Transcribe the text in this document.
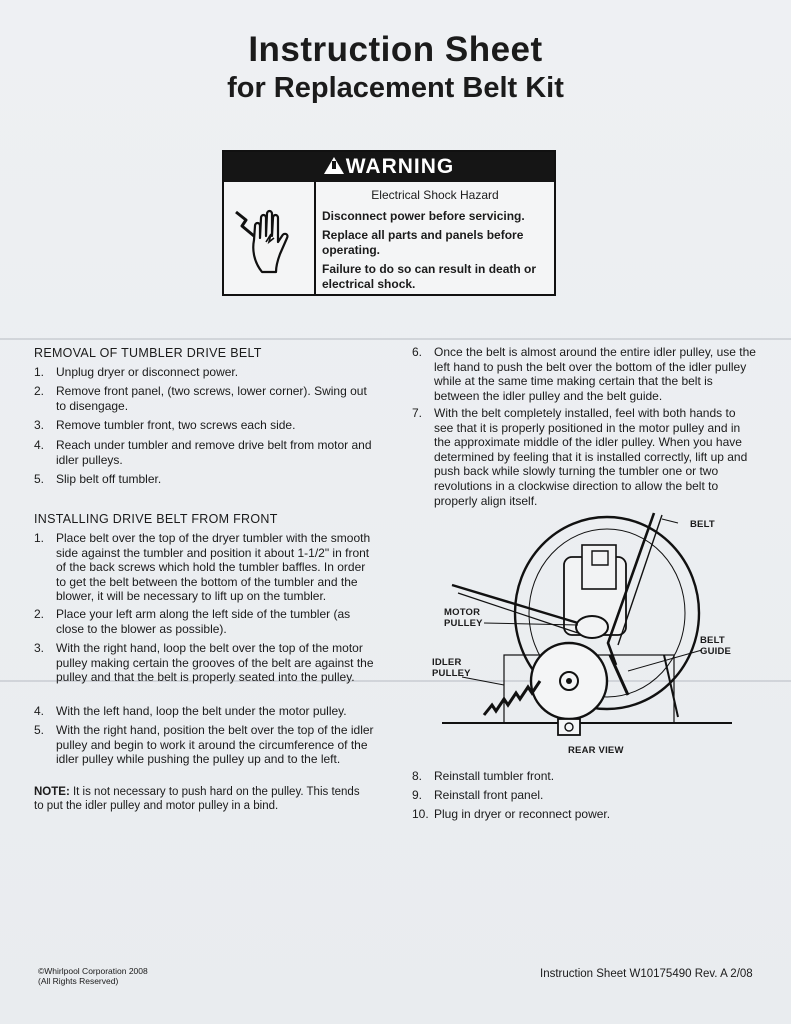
Instruction Sheet
for Replacement Belt Kit
WARNING
Electrical Shock Hazard
Disconnect power before servicing.
Replace all parts and panels before operating.
Failure to do so can result in death or electrical shock.
REMOVAL OF TUMBLER DRIVE BELT
1. Unplug dryer or disconnect power.
2. Remove front panel, (two screws, lower corner). Swing out to disengage.
3. Remove tumbler front, two screws each side.
4. Reach under tumbler and remove drive belt from motor and idler pulleys.
5. Slip belt off tumbler.
INSTALLING DRIVE BELT FROM FRONT
1. Place belt over the top of the dryer tumbler with the smooth side against the tumbler and position it about 1-1/2" in front of the back screws which hold the tumbler baffles. In order to get the belt between the bottom of the tumbler and the blower, it will be necessary to lift up on the tumbler.
2. Place your left arm along the left side of the tumbler (as close to the blower as possible).
3. With the right hand, loop the belt over the top of the motor pulley making certain the grooves of the belt are against the pulley and that the belt is properly seated into the pulley.
4. With the left hand, loop the belt under the motor pulley.
5. With the right hand, position the belt over the top of the idler pulley and begin to work it around the circumference of the idler pulley while pushing the pulley up and to the left.
NOTE: It is not necessary to push hard on the pulley. This tends to put the idler pulley and motor pulley in a bind.
6. Once the belt is almost around the entire idler pulley, use the left hand to push the belt over the bottom of the idler pulley while at the same time making certain that the belt is between the idler pulley and the belt guide.
7. With the belt completely installed, feel with both hands to see that it is properly positioned in the motor pulley and in the approximate middle of the idler pulley. When you have determined by feeling that it is installed correctly, lift up and push back while slowly turning the tumbler one or two revolutions in a clockwise direction to allow the belt to properly align itself.
BELT
MOTOR PULLEY
BELT GUIDE
IDLER PULLEY
REAR VIEW
8. Reinstall tumbler front.
9. Reinstall front panel.
10. Plug in dryer or reconnect power.
©Whirlpool Corporation 2008
(All Rights Reserved)
Instruction Sheet W10175490 Rev. A 2/08
